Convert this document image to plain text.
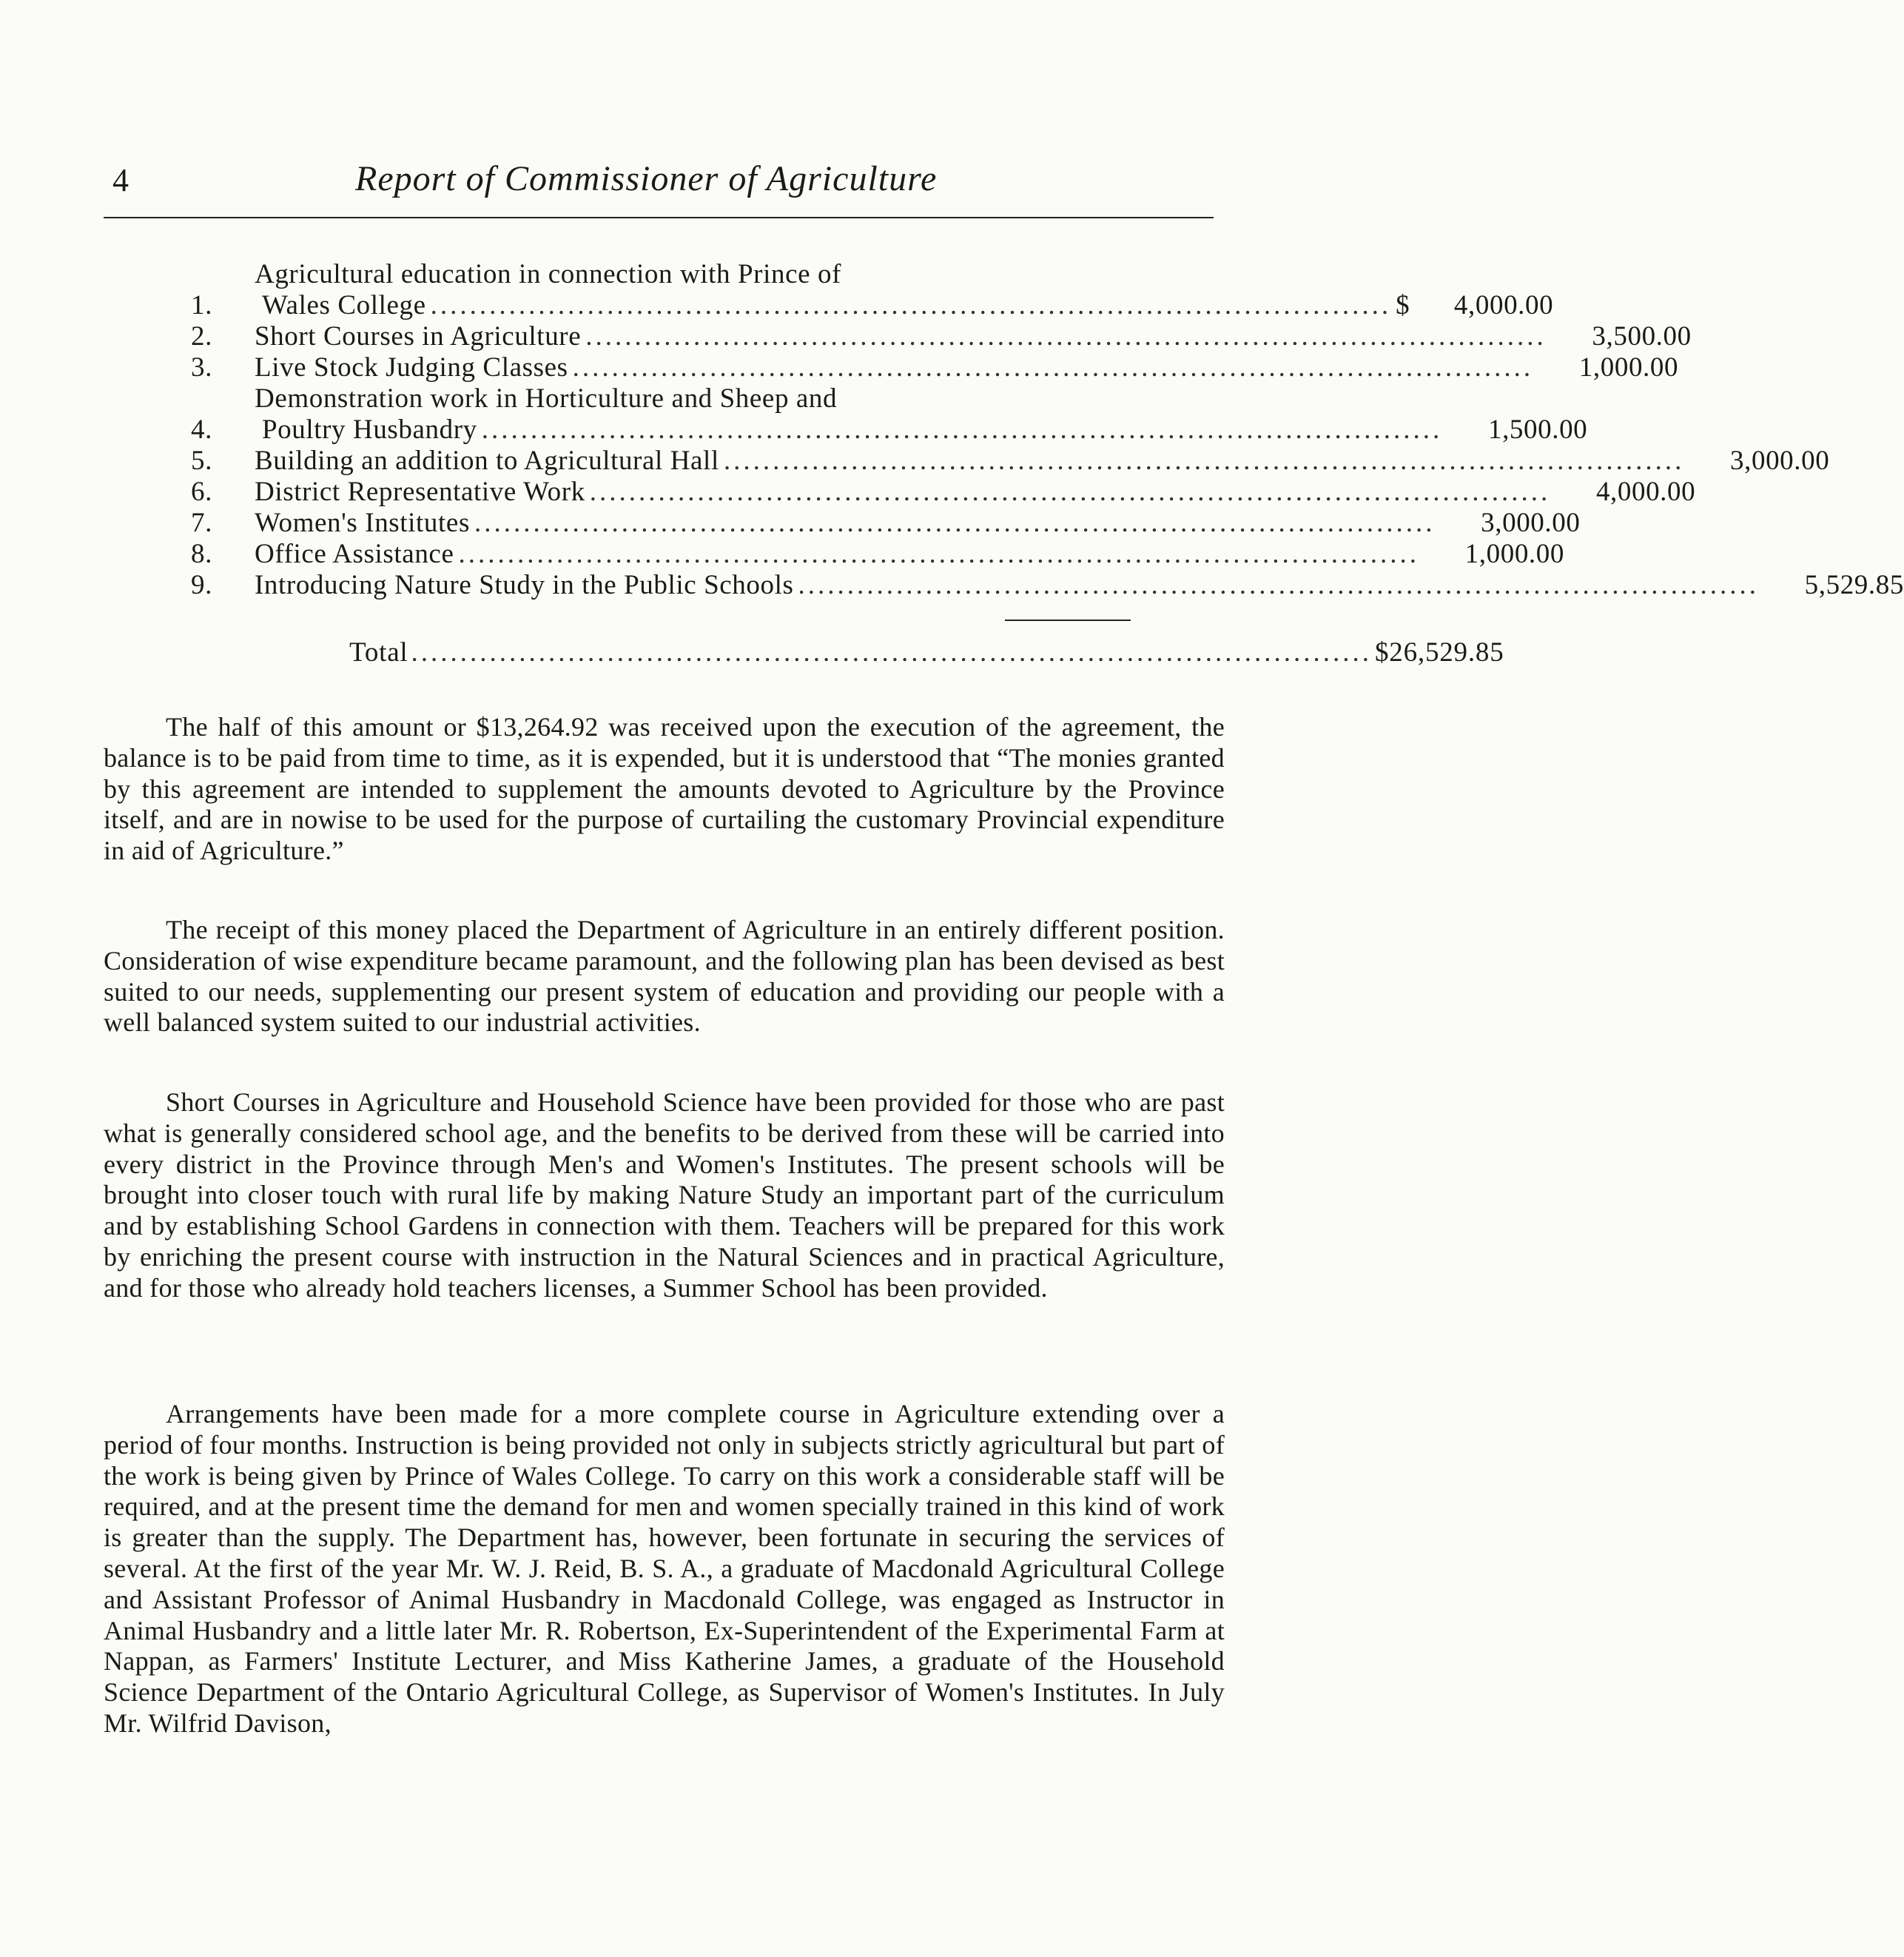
4	Report of Commissioner of Agriculture
1.
Agricultural education in connection with Prince of
Wales College .................................................................................................. $	4,000.00
2.	Short Courses in Agriculture ..................................................................................................	3,500.00
3.	Live Stock Judging Classes ..................................................................................................	1,000.00
4.
Demonstration work in Horticulture and Sheep and
Poultry Husbandry ..................................................................................................	1,500.00
5.	Building an addition to Agricultural Hall ..................................................................................................	3,000.00
6.	District Representative Work ..................................................................................................	4,000.00
7.	Women's Institutes ..................................................................................................	3,000.00
8.	Office Assistance ..................................................................................................	1,000.00
9.	Introducing Nature Study in the Public Schools ..................................................................................................	5,529.85
Total .................................................................................................. $26,529.85

The half of this amount or $13,264.92 was received upon the execution of the agreement, the balance is to be paid from time to time, as it is expended, but it is understood that “The monies granted by this agreement are intended to supplement the amounts devoted to Agriculture by the Province itself, and are in nowise to be used for the purpose of curtailing the customary Provincial expenditure in aid of Agriculture.”

The receipt of this money placed the Department of Agriculture in an entirely different position. Consideration of wise expenditure became paramount, and the following plan has been devised as best suited to our needs, supplementing our present system of education and providing our people with a well balanced system suited to our industrial activities.

Short Courses in Agriculture and Household Science have been provided for those who are past what is generally considered school age, and the benefits to be derived from these will be carried into every district in the Province through Men's and Women's Institutes. The present schools will be brought into closer touch with rural life by making Nature Study an important part of the curriculum and by establishing School Gardens in connection with them. Teachers will be prepared for this work by enriching the present course with instruction in the Natural Sciences and in practical Agriculture, and for those who already hold teachers licenses, a Summer School has been provided.

Arrangements have been made for a more complete course in Agriculture extending over a period of four months. Instruction is being provided not only in subjects strictly agricultural but part of the work is being given by Prince of Wales College. To carry on this work a considerable staff will be required, and at the present time the demand for men and women specially trained in this kind of work is greater than the supply. The Department has, however, been fortunate in securing the services of several. At the first of the year Mr. W. J. Reid, B. S. A., a graduate of Macdonald Agricultural College and Assistant Professor of Animal Husbandry in Macdonald College, was engaged as Instructor in Animal Husbandry and a little later Mr. R. Robertson, Ex-Superintendent of the Experimental Farm at Nappan, as Farmers' Institute Lecturer, and Miss Katherine James, a graduate of the Household Science Department of the Ontario Agricultural College, as Supervisor of Women's Institutes. In July Mr. Wilfrid Davison,
